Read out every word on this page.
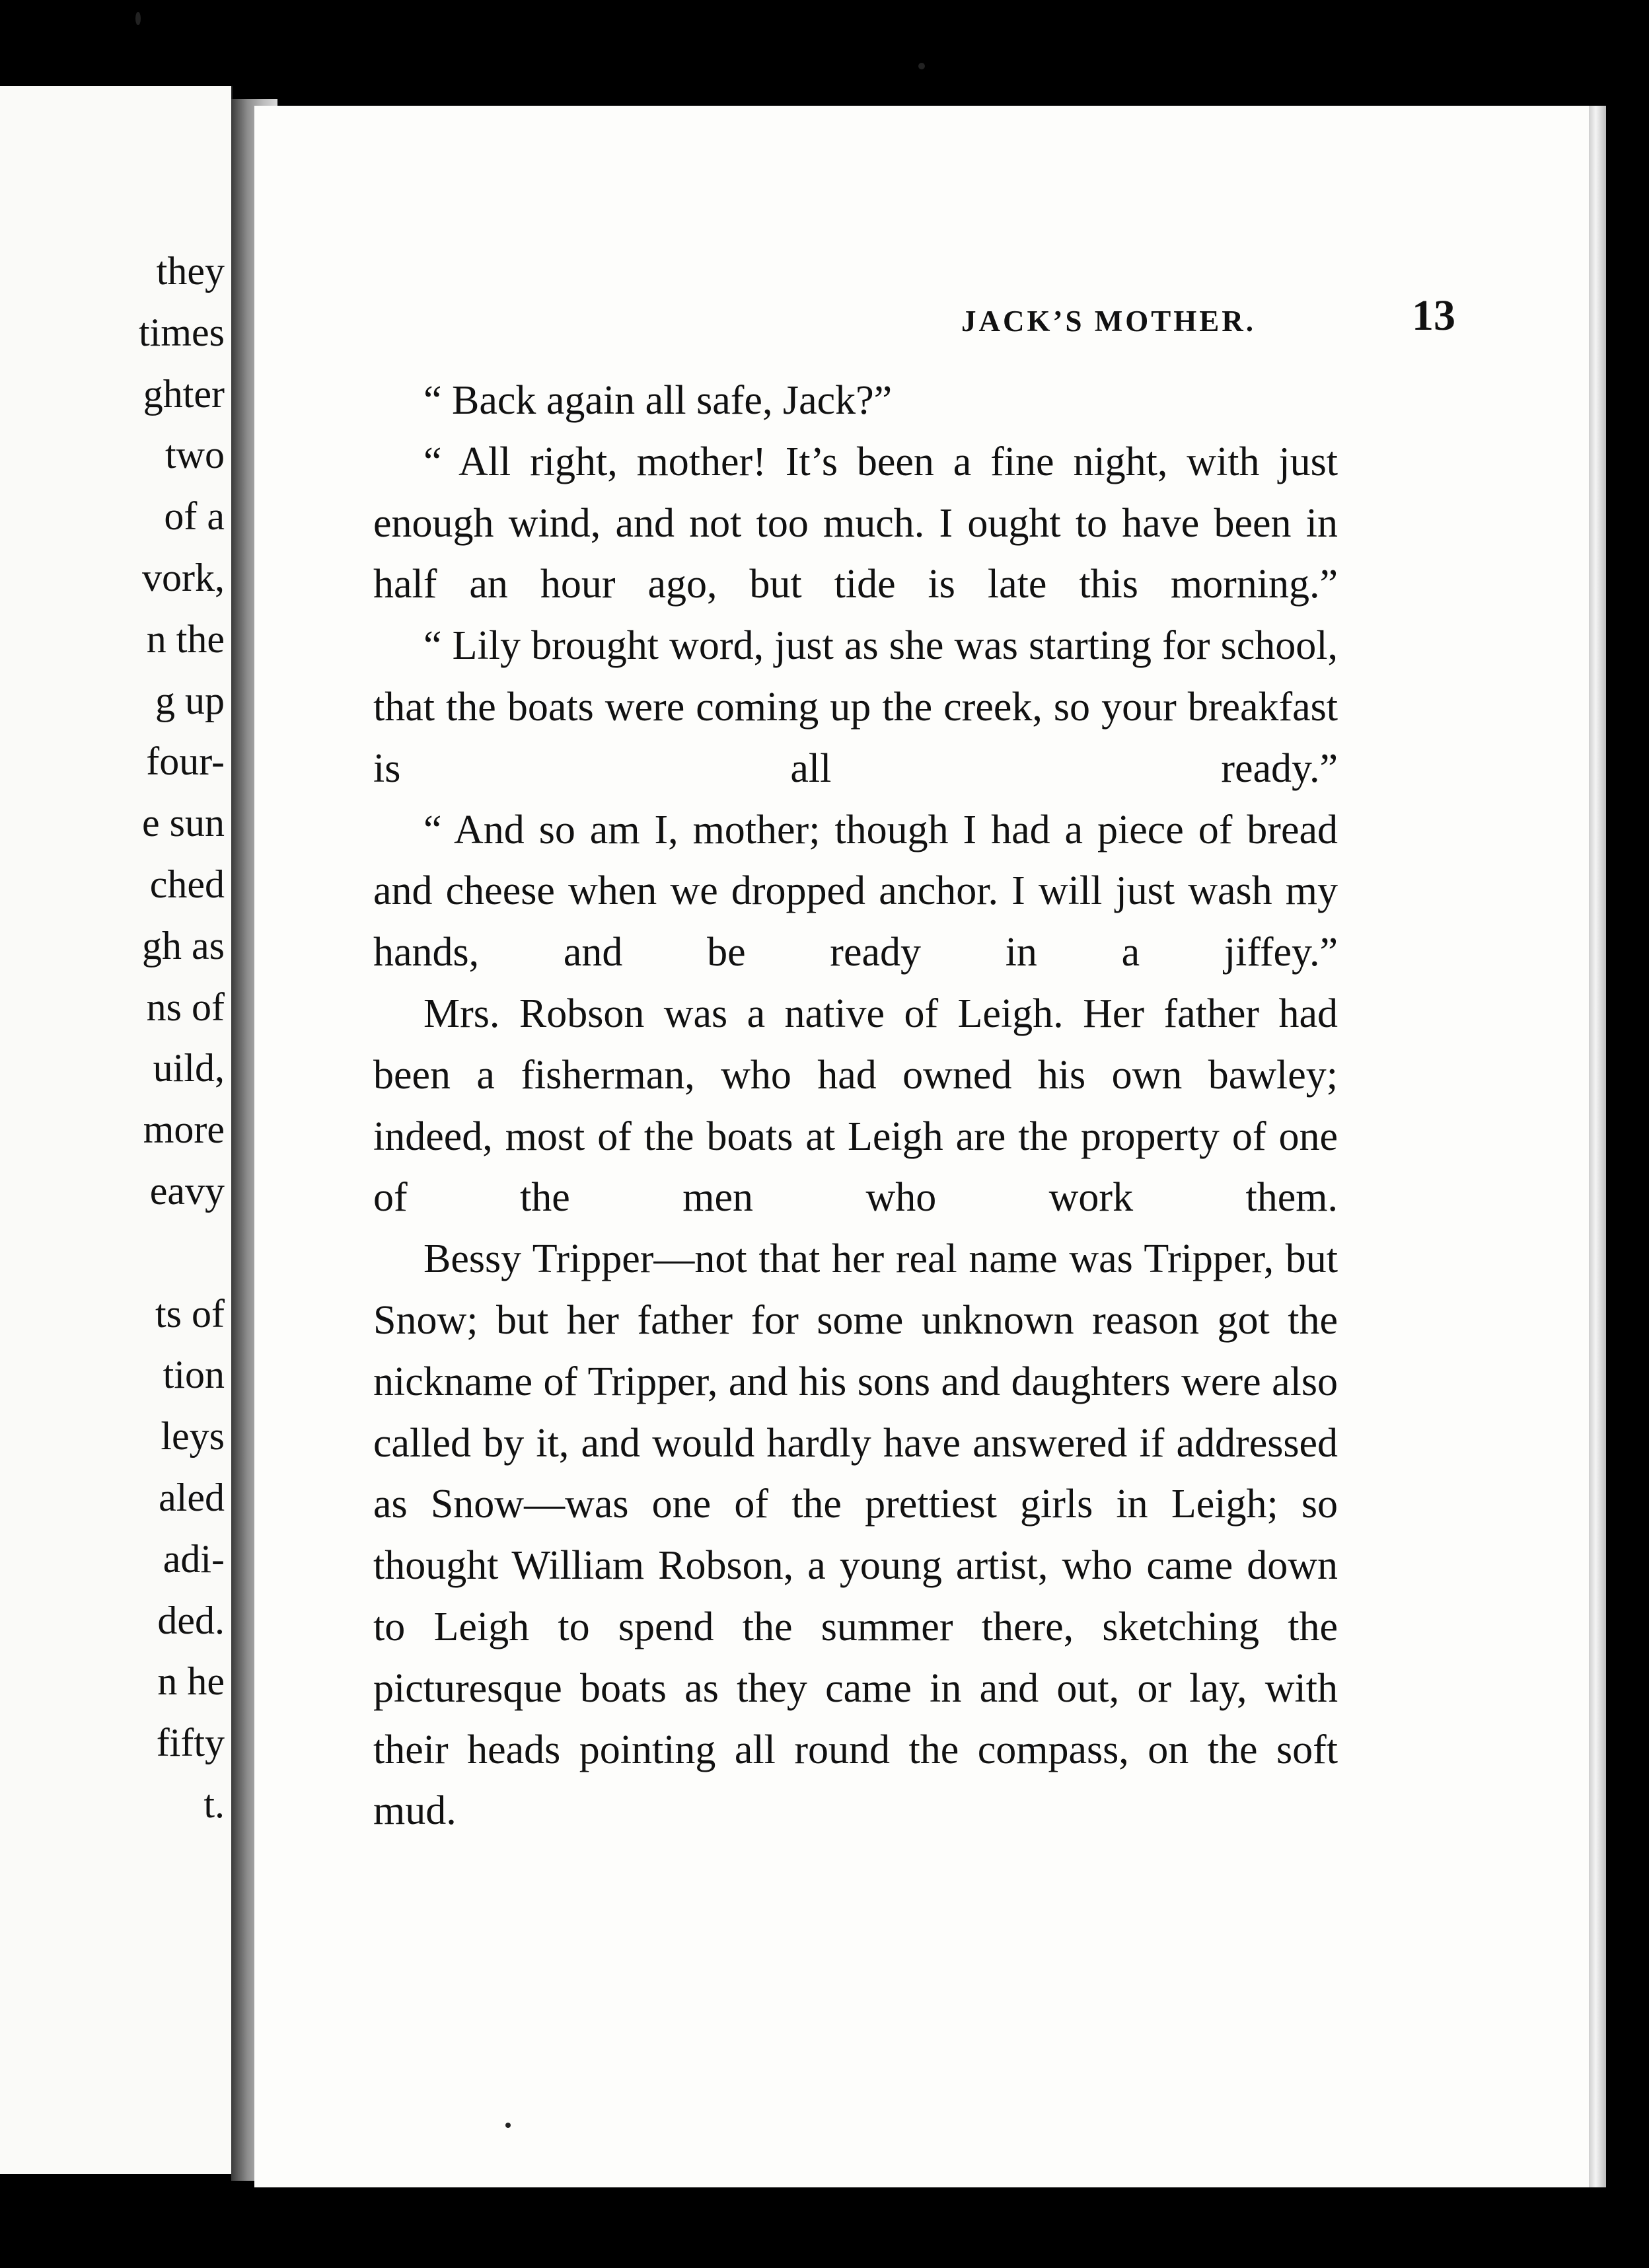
they
times
ghter
two
of a
vork,
n the
g up
four-
e sun
ched
gh as
ns of
uild,
more
eavy
ts of
tion
leys
aled
adi-
ded.
n he
fifty
t.
JACK’S MOTHER.	13

“ Back again all safe, Jack?”

“ All right, mother! It’s been a fine night, with just enough wind, and not too much. I ought to have been in half an hour ago, but tide is late this morning.”

“ Lily brought word, just as she was starting for school, that the boats were coming up the creek, so your breakfast is all ready.”

“ And so am I, mother; though I had a piece of bread and cheese when we dropped anchor. I will just wash my hands, and be ready in a jiffey.”

Mrs. Robson was a native of Leigh. Her father had been a fisherman, who had owned his own bawley; indeed, most of the boats at Leigh are the property of one of the men who work them.

Bessy Tripper—not that her real name was Tripper, but Snow; but her father for some unknown reason got the nickname of Tripper, and his sons and daughters were also called by it, and would hardly have answered if addressed as Snow—was one of the prettiest girls in Leigh; so thought William Robson, a young artist, who came down to Leigh to spend the summer there, sketching the picturesque boats as they came in and out, or lay, with their heads pointing all round the compass, on the soft mud.
